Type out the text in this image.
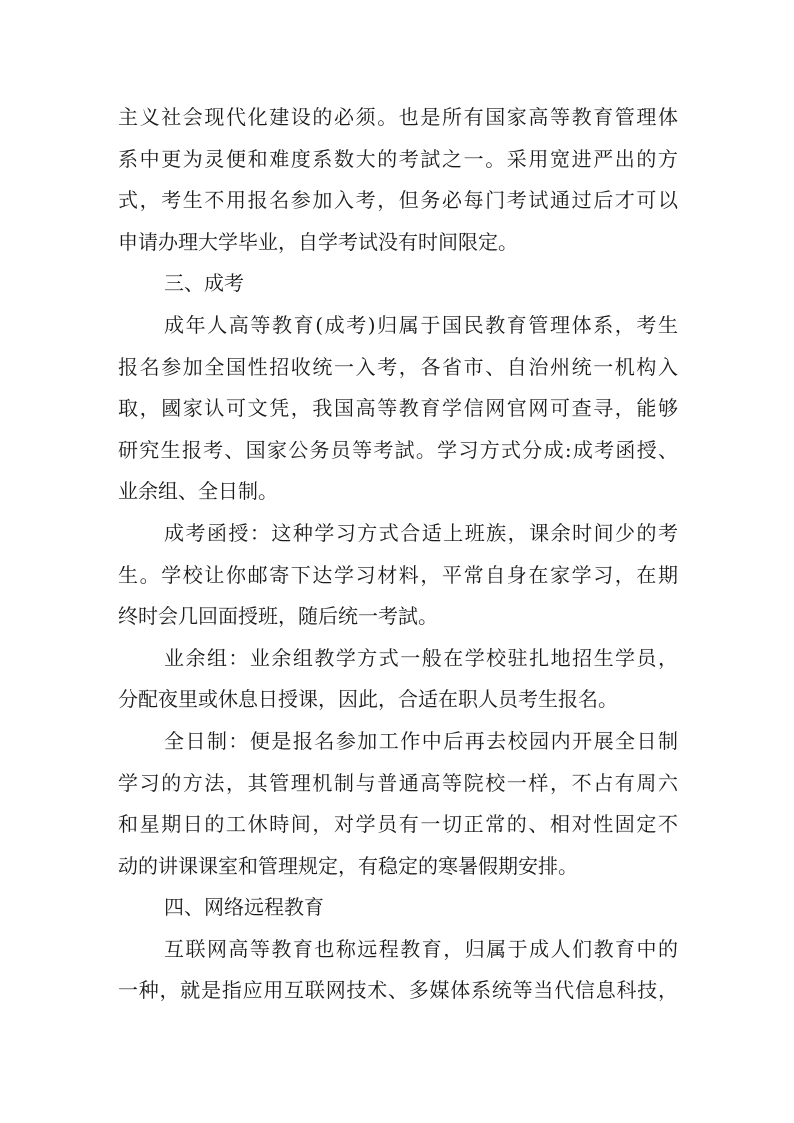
主义社会现代化建设的必须。也是所有国家高等教育管理体
系中更为灵便和难度系数大的考試之一。采用宽进严出的方
式，考生不用报名参加入考，但务必每门考试通过后才可以
申请办理大学毕业，自学考试没有时间限定。
三、成考
成年人高等教育(成考)归属于国民教育管理体系，考生
报名参加全国性招收统一入考，各省市、自治州统一机构入
取，國家认可文凭，我国高等教育学信网官网可查寻，能够
研究生报考、国家公务员等考試。学习方式分成:成考函授、
业余组、全日制。
成考函授：这种学习方式合适上班族，课余时间少的考
生。学校让你邮寄下达学习材料，平常自身在家学习，在期
终时会几回面授班，随后统一考試。
业余组：业余组教学方式一般在学校驻扎地招生学员，
分配夜里或休息日授课，因此，合适在职人员考生报名。
全日制：便是报名参加工作中后再去校园内开展全日制
学习的方法，其管理机制与普通高等院校一样，不占有周六
和星期日的工休時间，对学员有一切正常的、相对性固定不
动的讲课课室和管理规定，有稳定的寒暑假期安排。
四、网络远程教育
互联网高等教育也称远程教育，归属于成人们教育中的
一种，就是指应用互联网技术、多媒体系统等当代信息科技，
